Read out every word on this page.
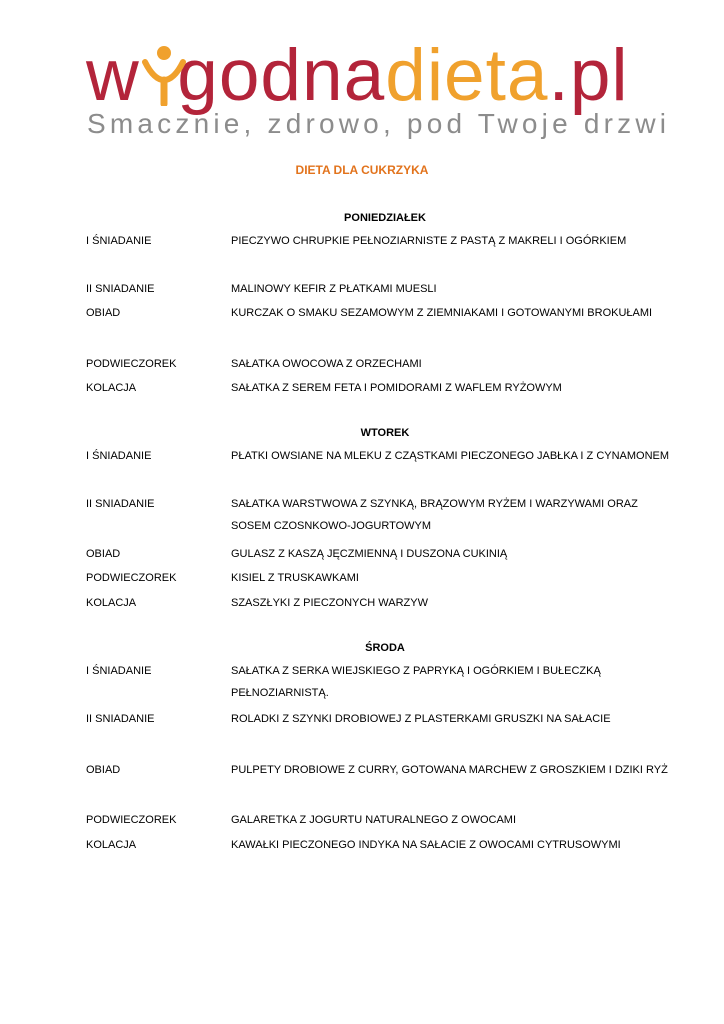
w godnadieta.pl
Smacznie, zdrowo, pod Twoje drzwi
DIETA DLA CUKRZYKA
PONIEDZIAŁEK
I ŚNIADANIE	PIECZYWO CHRUPKIE PEŁNOZIARNISTE Z PASTĄ Z MAKRELI I OGÓRKIEM
II SNIADANIE	MALINOWY KEFIR Z PŁATKAMI MUESLI
OBIAD	KURCZAK O SMAKU SEZAMOWYM Z ZIEMNIAKAMI I GOTOWANYMI BROKUŁAMI
PODWIECZOREK	SAŁATKA OWOCOWA Z ORZECHAMI
KOLACJA	SAŁATKA Z SEREM FETA I POMIDORAMI Z WAFLEM RYŻOWYM
WTOREK
I ŚNIADANIE	PŁATKI OWSIANE NA MLEKU Z CZĄSTKAMI PIECZONEGO JABŁKA I Z CYNAMONEM
II SNIADANIE	SAŁATKA WARSTWOWA Z SZYNKĄ, BRĄZOWYM RYŻEM I WARZYWAMI ORAZ SOSEM CZOSNKOWO-JOGURTOWYM
OBIAD	GULASZ Z KASZĄ JĘCZMIENNĄ I DUSZONA CUKINIĄ
PODWIECZOREK	KISIEL Z TRUSKAWKAMI
KOLACJA	SZASZŁYKI Z PIECZONYCH WARZYW
ŚRODA
I ŚNIADANIE	SAŁATKA Z SERKA WIEJSKIEGO Z PAPRYKĄ I OGÓRKIEM I BUŁECZKĄ PEŁNOZIARNISTĄ.
II SNIADANIE	ROLADKI Z SZYNKI DROBIOWEJ Z PLASTERKAMI GRUSZKI NA SAŁACIE
OBIAD	PULPETY DROBIOWE Z CURRY, GOTOWANA MARCHEW Z GROSZKIEM I DZIKI RYŻ
PODWIECZOREK	GALARETKA Z JOGURTU NATURALNEGO Z OWOCAMI
KOLACJA	KAWAŁKI PIECZONEGO INDYKA NA SAŁACIE Z OWOCAMI CYTRUSOWYMI
